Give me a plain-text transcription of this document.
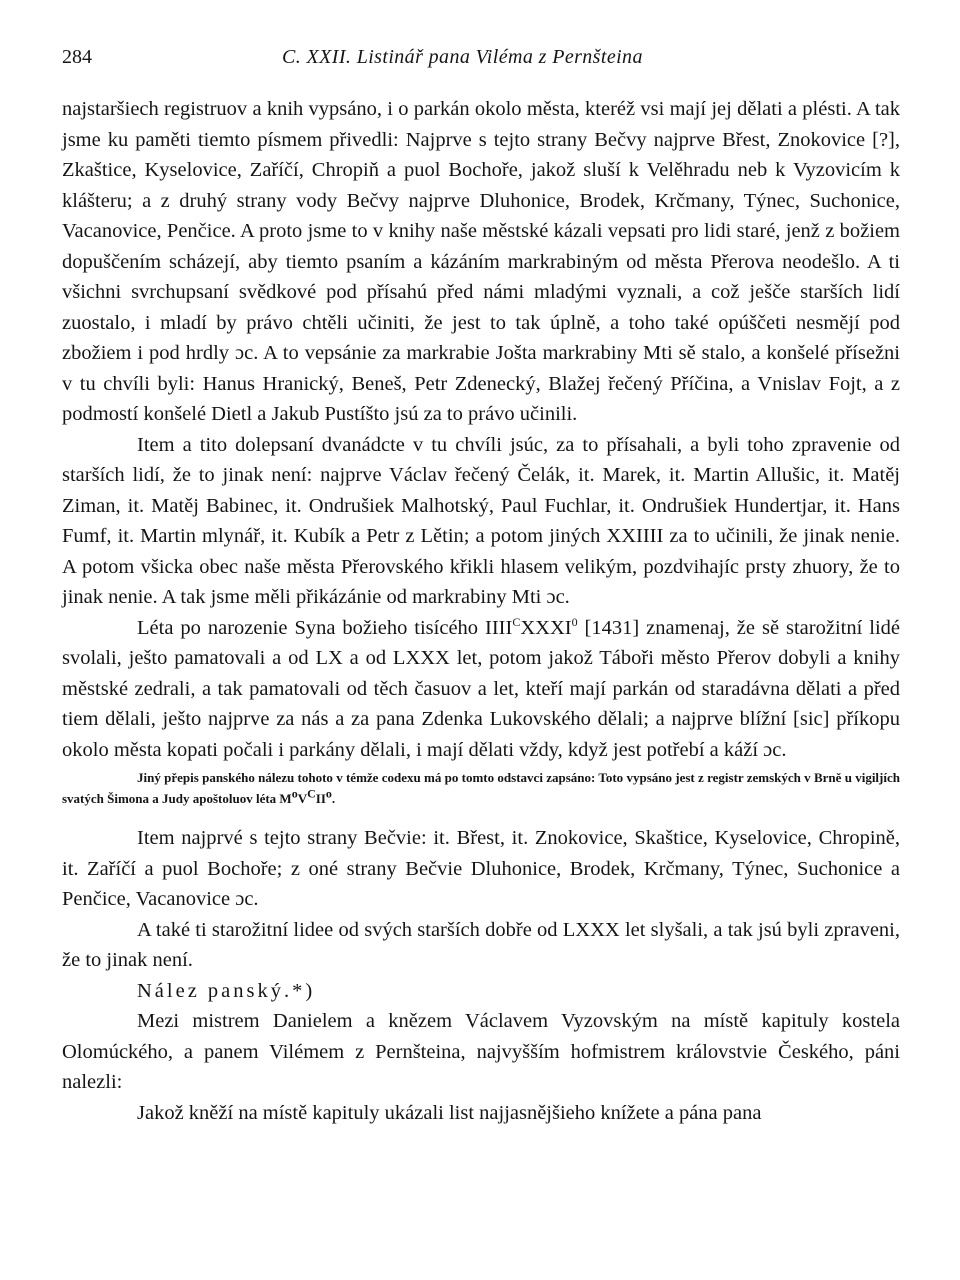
284	C. XXII. Listinář pana Viléma z Pernšteina

najstaršiech registruov a knih vypsáno, i o parkán okolo města, kteréž vsi mají jej dělati a plésti. A tak jsme ku paměti tiemto písmem přivedli: Najprve s tejto strany Bečvy najprve Břest, Znokovice [?], Zkaštice, Kyselovice, Zaříčí, Chropiň a puol Bochoře, jakož sluší k Velěhradu neb k Vyzovicím k klášteru; a z druhý strany vody Bečvy najprve Dluhonice, Brodek, Krčmany, Týnec, Suchonice, Vacanovice, Penčice. A proto jsme to v knihy naše městské kázali vepsati pro lidi staré, jenž z božiem dopuščením scházejí, aby tiemto psaním a kázáním markrabiným od města Přerova neodešlo. A ti všichni svrchupsaní svědkové pod přísahú před námi mladými vyznali, a což ješče starších lidí zuostalo, i mladí by právo chtěli učiniti, že jest to tak úplně, a toho také opúščeti nesmějí pod zbožiem i pod hrdly ɔc. A to vepsánie za markrabie Jošta markrabiny Mti sě stalo, a konšelé přísežni v tu chvíli byli: Hanus Hranický, Beneš, Petr Zdenecký, Blažej řečený Příčina, a Vnislav Fojt, a z podmostí konšelé Dietl a Jakub Pustíšto jsú za to právo učinili.

Item a tito dolepsaní dvanádcte v tu chvíli jsúc, za to přísahali, a byli toho zpravenie od starších lidí, že to jinak není: najprve Václav řečený Čelák, it. Marek, it. Martin Allušic, it. Matěj Ziman, it. Matěj Babinec, it. Ondrušiek Malhotský, Paul Fuchlar, it. Ondrušiek Hundertjar, it. Hans Fumf, it. Martin mlynář, it. Kubík a Petr z Lětin; a potom jiných XXIIII za to učinili, že jinak nenie. A potom všicka obec naše města Přerovského křikli hlasem velikým, pozdvihajíc prsty zhuory, že to jinak nenie. A tak jsme měli přikázánie od markrabiny Mti ɔc.

Léta po narozenie Syna božieho tisícého $IIII^CXXXI^0$ [1431] znamenaj, že sě starožitní lidé svolali, ješto pamatovali a od LX a od LXXX let, potom jakož Táboři město Přerov dobyli a knihy městské zedrali, a tak pamatovali od těch časuov a let, kteří mají parkán od staradávna dělati a před tiem dělali, ješto najprve za nás a za pana Zdenka Lukovského dělali; a najprve blížní [sic] příkopu okolo města kopati počali i parkány dělali, i mají dělati vždy, když jest potřebí a káží ɔc.

Jiný přepis panského nálezu tohoto v témže codexu má po tomto odstavci zapsáno: Toto vypsáno jest z registr zemských v Brně u vigiljích svatých Šimona a Judy apoštoluov léta $M^oV^CII^o$.

Item najprvé s tejto strany Bečvie: it. Břest, it. Znokovice, Skaštice, Kyselovice, Chropině, it. Zaříčí a puol Bochoře; z oné strany Bečvie Dluhonice, Brodek, Krčmany, Týnec, Suchonice a Penčice, Vacanovice ɔc.

A také ti starožitní lidee od svých starších dobře od LXXX let slyšali, a tak jsú byli zpraveni, že to jinak není.

Nález panský.*)

Mezi mistrem Danielem a knězem Václavem Vyzovským na místě kapituly kostela Olomúckého, a panem Vilémem z Pernšteina, najvyšším hofmistrem královstvie Českého, páni nalezli:

Jakož kněží na místě kapituly ukázali list najjasnějšieho knížete a pána pana
